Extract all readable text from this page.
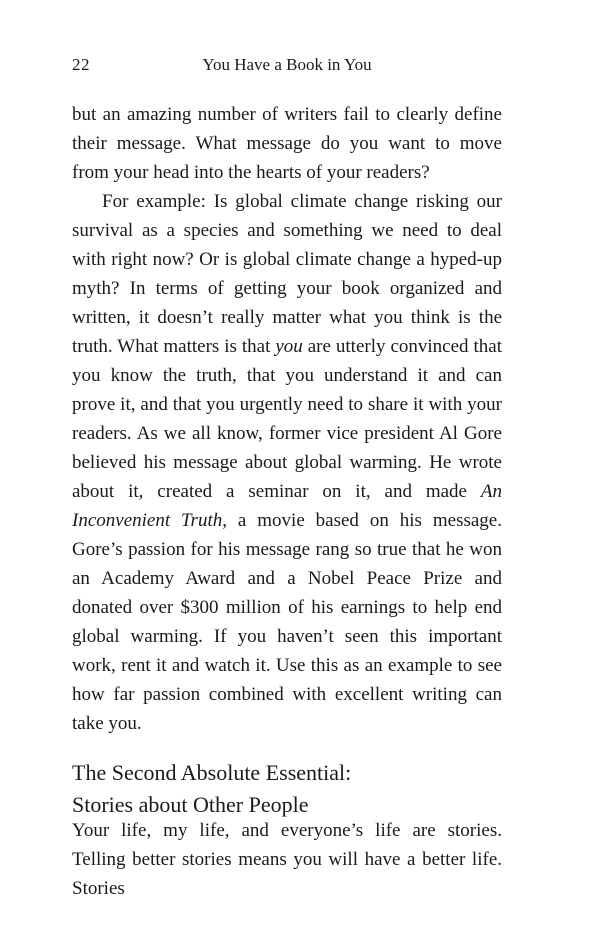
22	You Have a Book in You

but an amazing number of writers fail to clearly define their message. What message do you want to move from your head into the hearts of your readers?

For example: Is global climate change risking our survival as a species and something we need to deal with right now? Or is global climate change a hyped-up myth? In terms of getting your book organized and written, it doesn’t really matter what you think is the truth. What matters is that you are utterly convinced that you know the truth, that you understand it and can prove it, and that you urgently need to share it with your readers. As we all know, former vice president Al Gore believed his message about global warming. He wrote about it, created a seminar on it, and made An Inconvenient Truth, a movie based on his message. Gore’s passion for his message rang so true that he won an Academy Award and a Nobel Peace Prize and donated over $300 million of his earnings to help end global warming. If you haven’t seen this important work, rent it and watch it. Use this as an example to see how far passion combined with excellent writing can take you.

The Second Absolute Essential:
Stories about Other People

Your life, my life, and everyone’s life are stories. Telling better stories means you will have a better life. Stories
